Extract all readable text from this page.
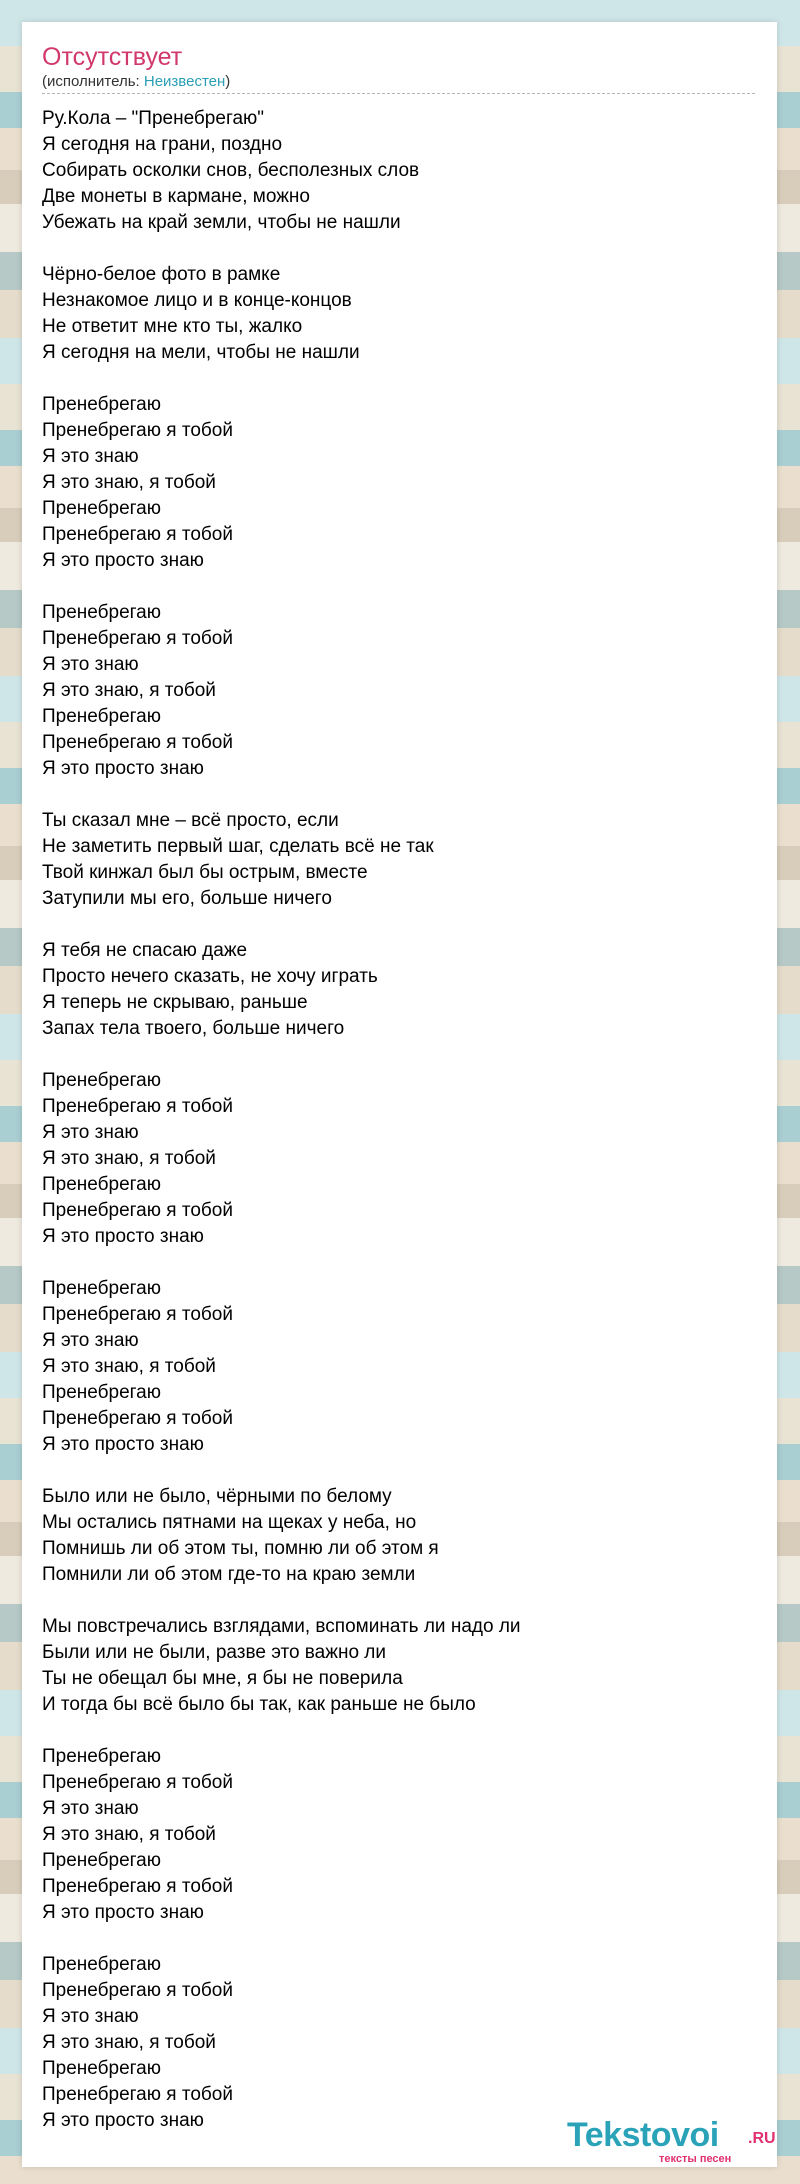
Отсутствует
(исполнитель: Неизвестен)
Ру.Кола – "Пренебрегаю"
Я сегодня на грани, поздно
Собирать осколки снов, бесполезных слов
Две монеты в кармане, можно
Убежать на край земли, чтобы не нашли
Чёрно-белое фото в рамке
Незнакомое лицо и в конце-концов
Не ответит мне кто ты, жалко
Я сегодня на мели, чтобы не нашли
Пренебрегаю
Пренебрегаю я тобой
Я это знаю
Я это знаю, я тобой
Пренебрегаю
Пренебрегаю я тобой
Я это просто знаю
Пренебрегаю
Пренебрегаю я тобой
Я это знаю
Я это знаю, я тобой
Пренебрегаю
Пренебрегаю я тобой
Я это просто знаю
Ты сказал мне – всё просто, если
Не заметить первый шаг, сделать всё не так
Твой кинжал был бы острым, вместе
Затупили мы его, больше ничего
Я тебя не спасаю даже
Просто нечего сказать, не хочу играть
Я теперь не скрываю, раньше
Запах тела твоего, больше ничего
Пренебрегаю
Пренебрегаю я тобой
Я это знаю
Я это знаю, я тобой
Пренебрегаю
Пренебрегаю я тобой
Я это просто знаю
Пренебрегаю
Пренебрегаю я тобой
Я это знаю
Я это знаю, я тобой
Пренебрегаю
Пренебрегаю я тобой
Я это просто знаю
Было или не было, чёрными по белому
Мы остались пятнами на щеках у неба, но
Помнишь ли об этом ты, помню ли об этом я
Помнили ли об этом где-то на краю земли
Мы повстречались взглядами, вспоминать ли надо ли
Были или не были, разве это важно ли
Ты не обещал бы мне, я бы не поверила
И тогда бы всё было бы так, как раньше не было
Пренебрегаю
Пренебрегаю я тобой
Я это знаю
Я это знаю, я тобой
Пренебрегаю
Пренебрегаю я тобой
Я это просто знаю
Пренебрегаю
Пренебрегаю я тобой
Я это знаю
Я это знаю, я тобой
Пренебрегаю
Пренебрегаю я тобой
Я это просто знаю	Tekstovoi .RU
тексты песен
